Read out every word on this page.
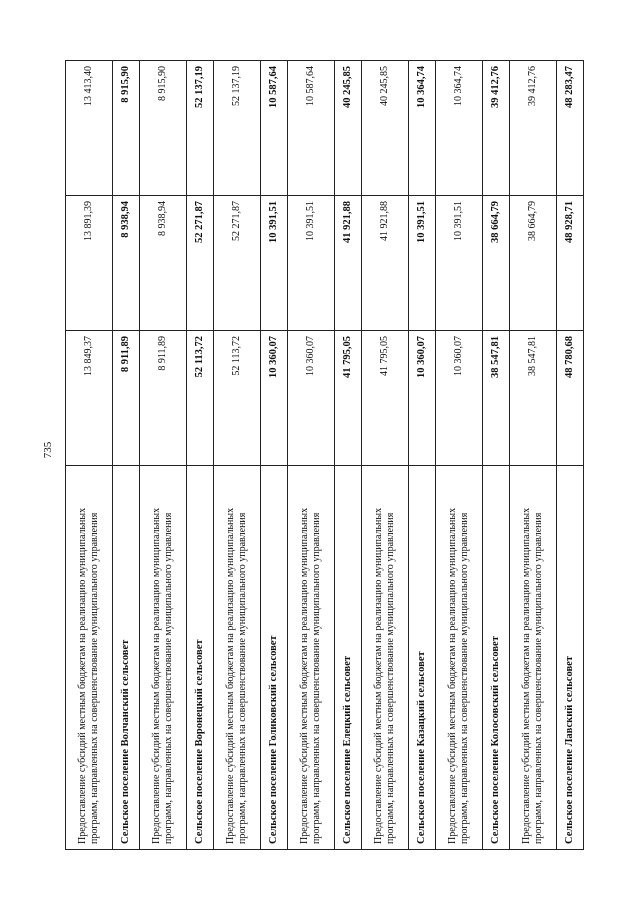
735
Предоставление субсидий местным бюджетам на реализацию муниципальных программ, направленных на совершенствование муниципального управления	13 849,37	13 891,39	13 413,40
Сельское поселение Волчанский сельсовет	8 911,89	8 938,94	8 915,90
Предоставление субсидий местным бюджетам на реализацию муниципальных программ, направленных на совершенствование муниципального управления	8 911,89	8 938,94	8 915,90
Сельское поселение Воронецкий сельсовет	52 113,72	52 271,87	52 137,19
Предоставление субсидий местным бюджетам на реализацию муниципальных программ, направленных на совершенствование муниципального управления	52 113,72	52 271,87	52 137,19
Сельское поселение Голиковский сельсовет	10 360,07	10 391,51	10 587,64
Предоставление субсидий местным бюджетам на реализацию муниципальных программ, направленных на совершенствование муниципального управления	10 360,07	10 391,51	10 587,64
Сельское поселение Елецкий сельсовет	41 795,05	41 921,88	40 245,85
Предоставление субсидий местным бюджетам на реализацию муниципальных программ, направленных на совершенствование муниципального управления	41 795,05	41 921,88	40 245,85
Сельское поселение Казацкий сельсовет	10 360,07	10 391,51	10 364,74
Предоставление субсидий местным бюджетам на реализацию муниципальных программ, направленных на совершенствование муниципального управления	10 360,07	10 391,51	10 364,74
Сельское поселение Колосовский сельсовет	38 547,81	38 664,79	39 412,76
Предоставление субсидий местным бюджетам на реализацию муниципальных программ, направленных на совершенствование муниципального управления	38 547,81	38 664,79	39 412,76
Сельское поселение Лавский сельсовет	48 780,68	48 928,71	48 283,47
